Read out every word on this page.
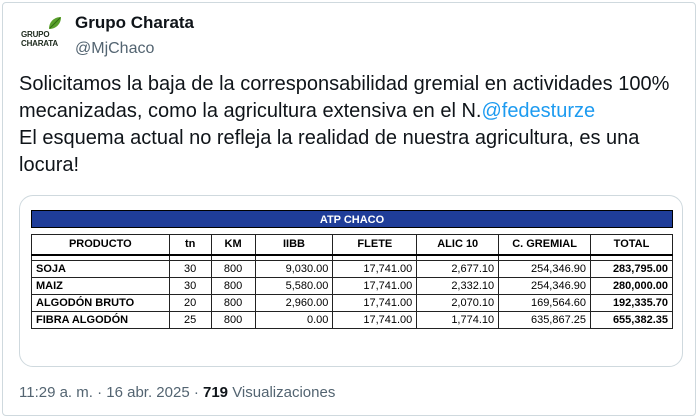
GRUPO
CHARATA
Grupo Charata
@MjChaco
Solicitamos la baja de la corresponsabilidad gremial en actividades 100% mecanizadas, como la agricultura extensiva en el N.@fedesturze
El esquema actual no refleja la realidad de nuestra agricultura, es una locura!
ATP CHACO
PRODUCTO	tn	KM	IIBB	FLETE	ALIC 10	C. GREMIAL	TOTAL

SOJA	30	800	9,030.00	17,741.00	2,677.10	254,346.90	283,795.00
MAIZ	30	800	5,580.00	17,741.00	2,332.10	254,346.90	280,000.00
ALGODÓN BRUTO	20	800	2,960.00	17,741.00	2,070.10	169,564.60	192,335.70
FIBRA ALGODÓN	25	800	0.00	17,741.00	1,774.10	635,867.25	655,382.35
11:29 a. m. · 16 abr. 2025 · 719 Visualizaciones
